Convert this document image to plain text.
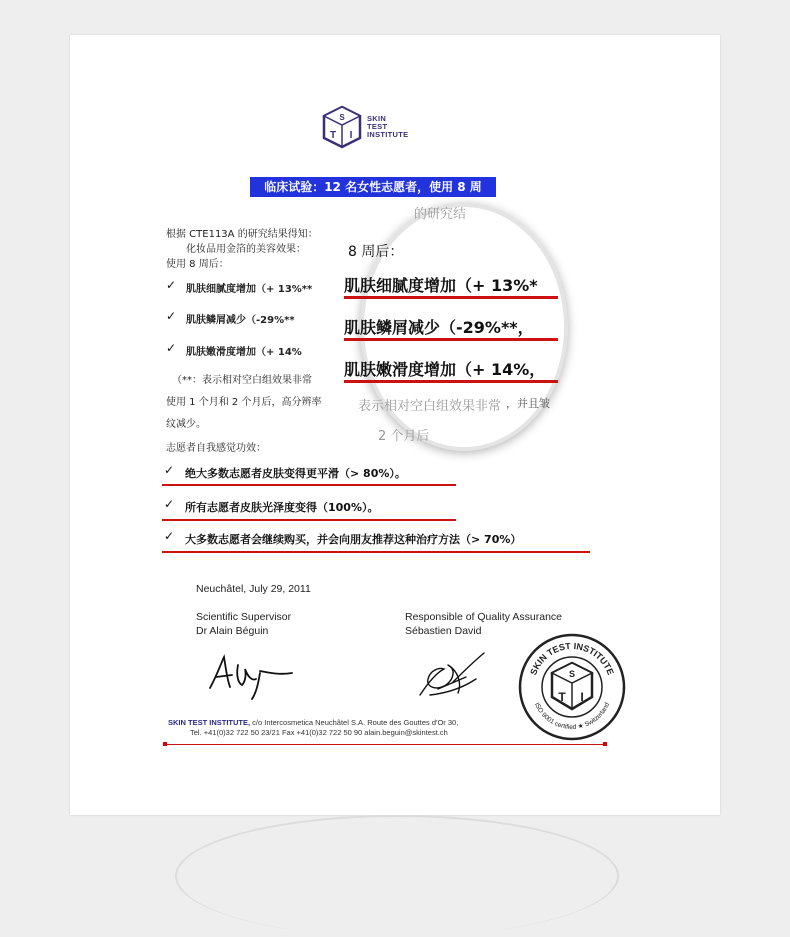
S
T I
SKIN
TEST
INSTITUTE
临床试验：12 名女性志愿者，使用 8 周
根据 CTE113A 的研究结果得知：
化妆品用金箔的美容效果：
使用 8 周后：
✓ 肌肤细腻度增加（+ 13%**
✓ 肌肤鳞屑减少（-29%**
✓ 肌肤嫩滑度增加（+ 14%
（**：表示相对空白组效果非常
使用 1 个月和 2 个月后，高分辨率
纹减少。
志愿者自我感觉功效：
✓ 绝大多数志愿者皮肤变得更平滑（> 80%）。
✓ 所有志愿者皮肤光泽度变得（100%）。
✓ 大多数志愿者会继续购买，并会向朋友推荐这种治疗方法（> 70%）
的研究结
8 周后：
肌肤细腻度增加（+ 13%*
肌肤鳞屑减少（-29%**，
肌肤嫩滑度增加（+ 14%，
表示相对空白组效果非常 ，并且皱
2 个月后
Neuchâtel, July 29, 2011
Scientific Supervisor
Dr Alain Béguin
Responsible of Quality Assurance
Sébastien David
SKIN TEST INSTITUTE
ISO 9001 certified ★ Switzerland
S
T I
SKIN TEST INSTITUTE, c/o Intercosmetica Neuchâtel S.A. Route des Gouttes d'Or 30,
Tel. +41(0)32 722 50 23/21 Fax +41(0)32 722 50 90 alain.beguin@skintest.ch
